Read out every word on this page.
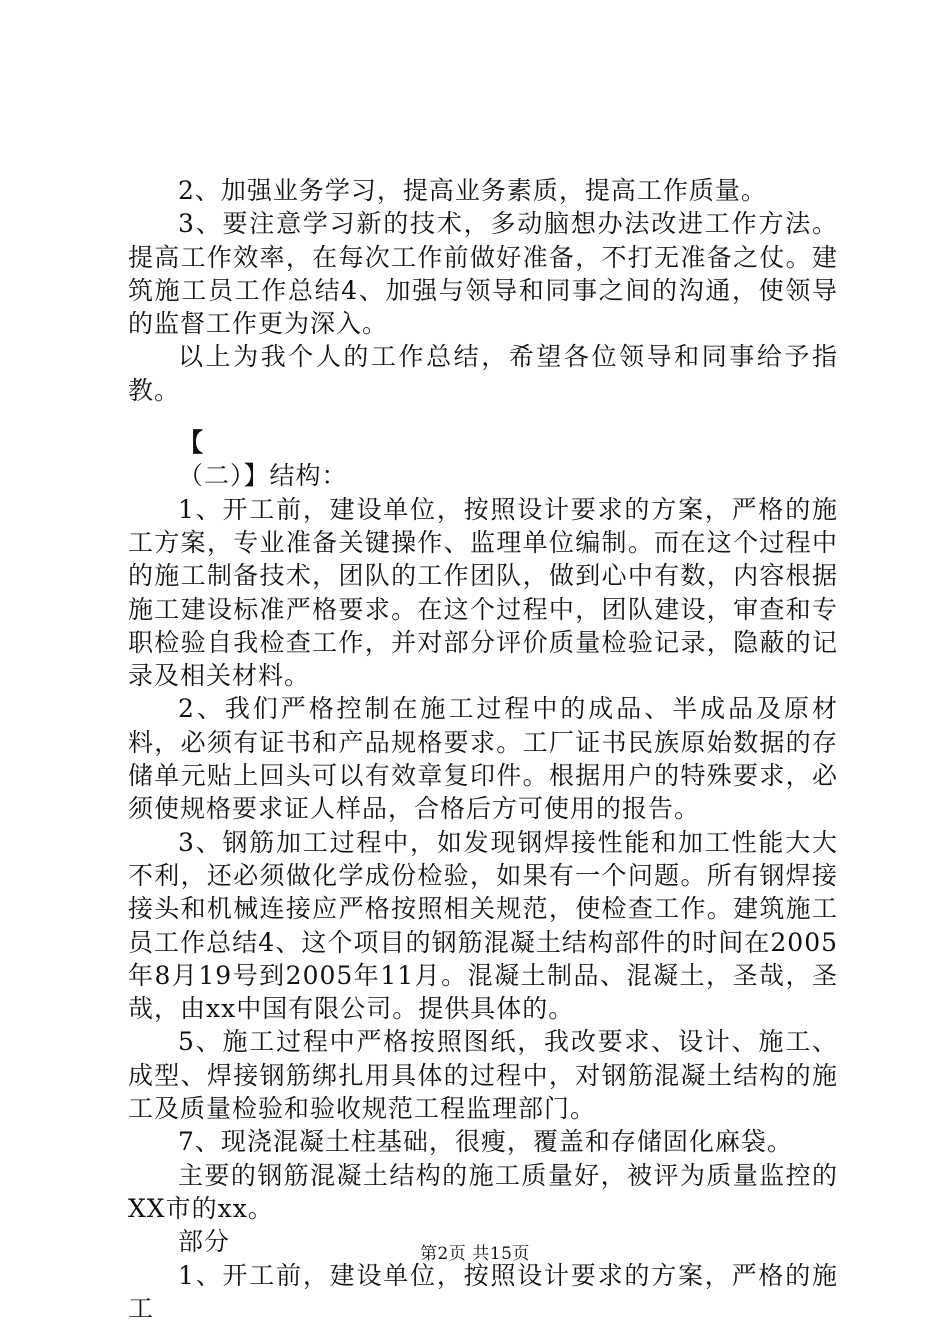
2、加强业务学习，提高业务素质，提高工作质量。

3、要注意学习新的技术，多动脑想办法改进工作方法。提高工作效率，在每次工作前做好准备，不打无准备之仗。建筑施工员工作总结4、加强与领导和同事之间的沟通，使领导的监督工作更为深入。

以上为我个人的工作总结，希望各位领导和同事给予指教。

【

（二）】结构：

1、开工前，建设单位，按照设计要求的方案，严格的施工方案，专业准备关键操作、监理单位编制。而在这个过程中的施工制备技术，团队的工作团队，做到心中有数，内容根据施工建设标准严格要求。在这个过程中，团队建设，审查和专职检验自我检查工作，并对部分评价质量检验记录，隐蔽的记录及相关材料。

2、我们严格控制在施工过程中的成品、半成品及原材料，必须有证书和产品规格要求。工厂证书民族原始数据的存储单元贴上回头可以有效章复印件。根据用户的特殊要求，必须使规格要求证人样品，合格后方可使用的报告。

3、钢筋加工过程中，如发现钢焊接性能和加工性能大大不利，还必须做化学成份检验，如果有一个问题。所有钢焊接接头和机械连接应严格按照相关规范，使检查工作。建筑施工员工作总结4、这个项目的钢筋混凝土结构部件的时间在2005年8月19号到2005年11月。混凝土制品、混凝土，圣哉，圣哉，由xx中国有限公司。提供具体的。

5、施工过程中严格按照图纸，我改要求、设计、施工、成型、焊接钢筋绑扎用具体的过程中，对钢筋混凝土结构的施工及质量检验和验收规范工程监理部门。

7、现浇混凝土柱基础，很瘦，覆盖和存储固化麻袋。

主要的钢筋混凝土结构的施工质量好，被评为质量监控的XX市的xx。

部分

1、开工前，建设单位，按照设计要求的方案，严格的施工

第2页 共15页
